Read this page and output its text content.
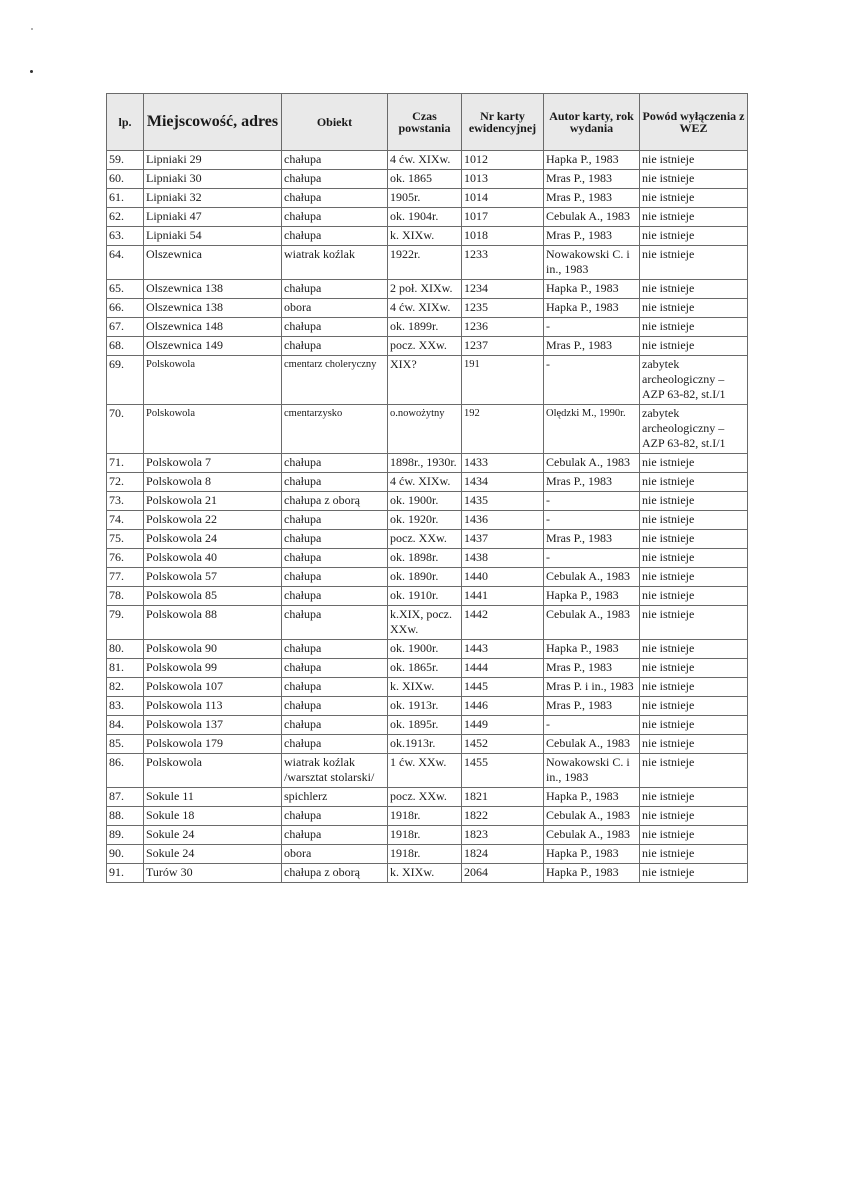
lp.	Miejscowość, adres	Obiekt	Czas powstania	Nr karty ewidencyjnej	Autor karty, rok wydania	Powód wyłączenia z WEZ
59.	Lipniaki 29	chałupa	4 ćw. XIXw.	1012	Hapka P., 1983	nie istnieje
60.	Lipniaki 30	chałupa	ok. 1865	1013	Mras P., 1983	nie istnieje
61.	Lipniaki 32	chałupa	1905r.	1014	Mras P., 1983	nie istnieje
62.	Lipniaki 47	chałupa	ok. 1904r.	1017	Cebulak A., 1983	nie istnieje
63.	Lipniaki 54	chałupa	k. XIXw.	1018	Mras P., 1983	nie istnieje
64.	Olszewnica	wiatrak koźlak	1922r.	1233	Nowakowski C. i in., 1983	nie istnieje
65.	Olszewnica 138	chałupa	2 poł. XIXw.	1234	Hapka P., 1983	nie istnieje
66.	Olszewnica 138	obora	4 ćw. XIXw.	1235	Hapka P., 1983	nie istnieje
67.	Olszewnica 148	chałupa	ok. 1899r.	1236	-	nie istnieje
68.	Olszewnica 149	chałupa	pocz. XXw.	1237	Mras P., 1983	nie istnieje
69.	Polskowola	cmentarz choleryczny	XIX?	191	-	zabytek archeologiczny – AZP 63-82, st.I/1
70.	Polskowola	cmentarzysko	o.nowożytny	192	Olędzki M., 1990r.	zabytek archeologiczny – AZP 63-82, st.I/1
71.	Polskowola 7	chałupa	1898r., 1930r.	1433	Cebulak A., 1983	nie istnieje
72.	Polskowola 8	chałupa	4 ćw. XIXw.	1434	Mras P., 1983	nie istnieje
73.	Polskowola 21	chałupa z oborą	ok. 1900r.	1435	-	nie istnieje
74.	Polskowola 22	chałupa	ok. 1920r.	1436	-	nie istnieje
75.	Polskowola 24	chałupa	pocz. XXw.	1437	Mras P., 1983	nie istnieje
76.	Polskowola 40	chałupa	ok. 1898r.	1438	-	nie istnieje
77.	Polskowola 57	chałupa	ok. 1890r.	1440	Cebulak A., 1983	nie istnieje
78.	Polskowola 85	chałupa	ok. 1910r.	1441	Hapka P., 1983	nie istnieje
79.	Polskowola 88	chałupa	k.XIX, pocz. XXw.	1442	Cebulak A., 1983	nie istnieje
80.	Polskowola 90	chałupa	ok. 1900r.	1443	Hapka P., 1983	nie istnieje
81.	Polskowola 99	chałupa	ok. 1865r.	1444	Mras P., 1983	nie istnieje
82.	Polskowola 107	chałupa	k. XIXw.	1445	Mras P. i in., 1983	nie istnieje
83.	Polskowola 113	chałupa	ok. 1913r.	1446	Mras P., 1983	nie istnieje
84.	Polskowola 137	chałupa	ok. 1895r.	1449	-	nie istnieje
85.	Polskowola 179	chałupa	ok.1913r.	1452	Cebulak A., 1983	nie istnieje
86.	Polskowola	wiatrak koźlak /warsztat stolarski/	1 ćw. XXw.	1455	Nowakowski C. i in., 1983	nie istnieje
87.	Sokule 11	spichlerz	pocz. XXw.	1821	Hapka P., 1983	nie istnieje
88.	Sokule 18	chałupa	1918r.	1822	Cebulak A., 1983	nie istnieje
89.	Sokule 24	chałupa	1918r.	1823	Cebulak A., 1983	nie istnieje
90.	Sokule 24	obora	1918r.	1824	Hapka P., 1983	nie istnieje
91.	Turów 30	chałupa z oborą	k. XIXw.	2064	Hapka P., 1983	nie istnieje
